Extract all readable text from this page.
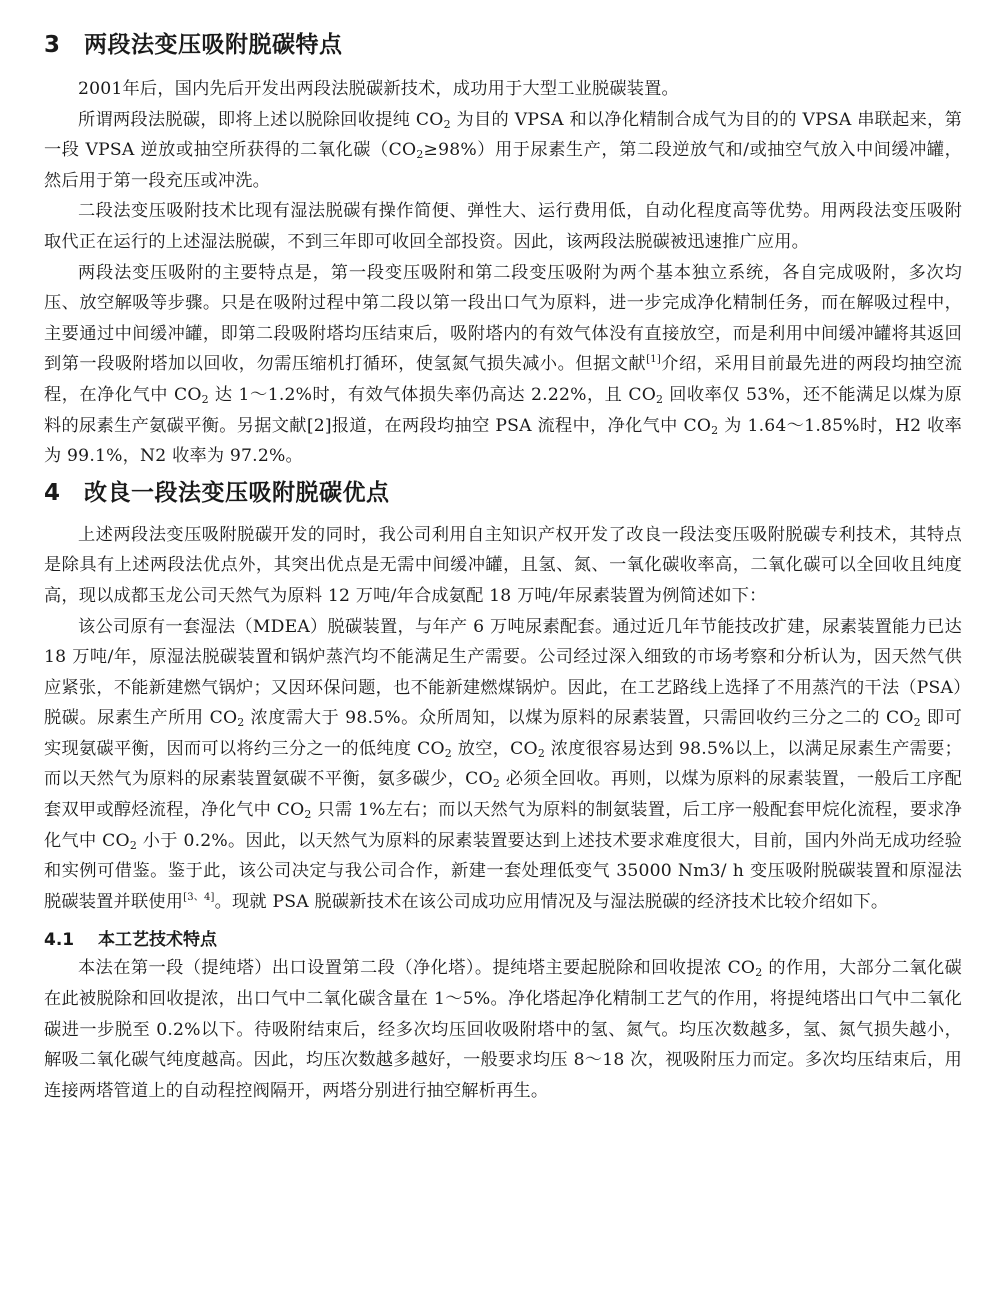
3 两段法变压吸附脱碳特点

2001年后，国内先后开发出两段法脱碳新技术，成功用于大型工业脱碳装置。

所谓两段法脱碳，即将上述以脱除回收提纯 $CO_2$ 为目的 VPSA 和以净化精制合成气为目的的 VPSA 串联起来，第一段 VPSA 逆放或抽空所获得的二氧化碳$(CO_2\ge 98\%)$用于尿素生产，第二段逆放气和/或抽空气放入中间缓冲罐，然后用于第一段充压或冲洗。

二段法变压吸附技术比现有湿法脱碳有操作简便、弹性大、运行费用低，自动化程度高等优势。用两段法变压吸附取代正在运行的上述湿法脱碳，不到三年即可收回全部投资。因此，该两段法脱碳被迅速推广应用。

两段法变压吸附的主要特点是，第一段变压吸附和第二段变压吸附为两个基本独立系统，各自完成吸附，多次均压、放空解吸等步骤。只是在吸附过程中第二段以第一段出口气为原料，进一步完成净化精制任务，而在解吸过程中，主要通过中间缓冲罐，即第二段吸附塔均压结束后，吸附塔内的有效气体没有直接放空，而是利用中间缓冲罐将其返回到第一段吸附塔加以回收，勿需压缩机打循环，使氢氮气损失减小。但据文献[1]介绍，采用目前最先进的两段均抽空流程，在净化气中 $CO_2$ 达 1～1.2%时，有效气体损失率仍高达 2.22%，且 $CO_2$ 回收率仅 53%，还不能满足以煤为原料的尿素生产氨碳平衡。另据文献[2]报道，在两段均抽空 PSA 流程中，净化气中 $CO_2$ 为 1.64～1.85%时，H2 收率为 99.1%，N2 收率为 97.2%。

4 改良一段法变压吸附脱碳优点

上述两段法变压吸附脱碳开发的同时，我公司利用自主知识产权开发了改良一段法变压吸附脱碳专利技术，其特点是除具有上述两段法优点外，其突出优点是无需中间缓冲罐，且氢、氮、一氧化碳收率高，二氧化碳可以全回收且纯度高，现以成都玉龙公司天然气为原料 12 万吨/年合成氨配 18 万吨/年尿素装置为例简述如下：

该公司原有一套湿法（MDEA）脱碳装置，与年产 6 万吨尿素配套。通过近几年节能技改扩建，尿素装置能力已达 18 万吨/年，原湿法脱碳装置和锅炉蒸汽均不能满足生产需要。公司经过深入细致的市场考察和分析认为，因天然气供应紧张，不能新建燃气锅炉；又因环保问题，也不能新建燃煤锅炉。因此，在工艺路线上选择了不用蒸汽的干法（PSA）脱碳。尿素生产所用 $CO_2$ 浓度需大于 98.5%。众所周知，以煤为原料的尿素装置，只需回收约三分之二的 $CO_2$ 即可实现氨碳平衡，因而可以将约三分之一的低纯度 $CO_2$ 放空，$CO_2$ 浓度很容易达到 98.5%以上，以满足尿素生产需要；而以天然气为原料的尿素装置氨碳不平衡，氨多碳少，$CO_2$ 必须全回收。再则，以煤为原料的尿素装置，一般后工序配套双甲或醇烃流程，净化气中 $CO_2$ 只需 1%左右；而以天然气为原料的制氨装置，后工序一般配套甲烷化流程，要求净化气中 $CO_2$ 小于 0.2%。因此，以天然气为原料的尿素装置要达到上述技术要求难度很大，目前，国内外尚无成功经验和实例可借鉴。鉴于此，该公司决定与我公司合作，新建一套处理低变气 35000 Nm3/ h 变压吸附脱碳装置和原湿法脱碳装置并联使用[3、4]。现就 PSA 脱碳新技术在该公司成功应用情况及与湿法脱碳的经济技术比较介绍如下。

4.1 本工艺技术特点

本法在第一段（提纯塔）出口设置第二段（净化塔）。提纯塔主要起脱除和回收提浓 $CO_2$ 的作用，大部分二氧化碳在此被脱除和回收提浓，出口气中二氧化碳含量在 1～5%。净化塔起净化精制工艺气的作用，将提纯塔出口气中二氧化碳进一步脱至 0.2%以下。待吸附结束后，经多次均压回收吸附塔中的氢、氮气。均压次数越多，氢、氮气损失越小，解吸二氧化碳气纯度越高。因此，均压次数越多越好，一般要求均压 8～18 次，视吸附压力而定。多次均压结束后，用连接两塔管道上的自动程控阀隔开，两塔分别进行抽空解析再生。
